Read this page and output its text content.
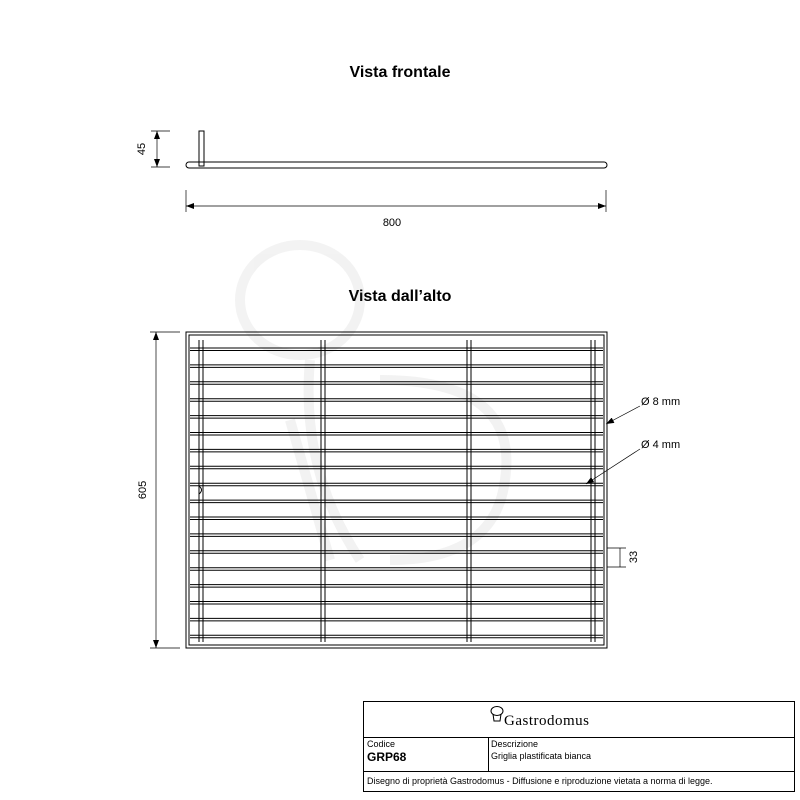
Vista frontale
Vista dall’alto
45
800
605
33
Ø 8 mm
Ø 4 mm
Gastrodomus
Codice
GRP68
Descrizione
Griglia plastificata bianca
Disegno di proprietà Gastrodomus - Diffusione e riproduzione vietata a norma di legge.
